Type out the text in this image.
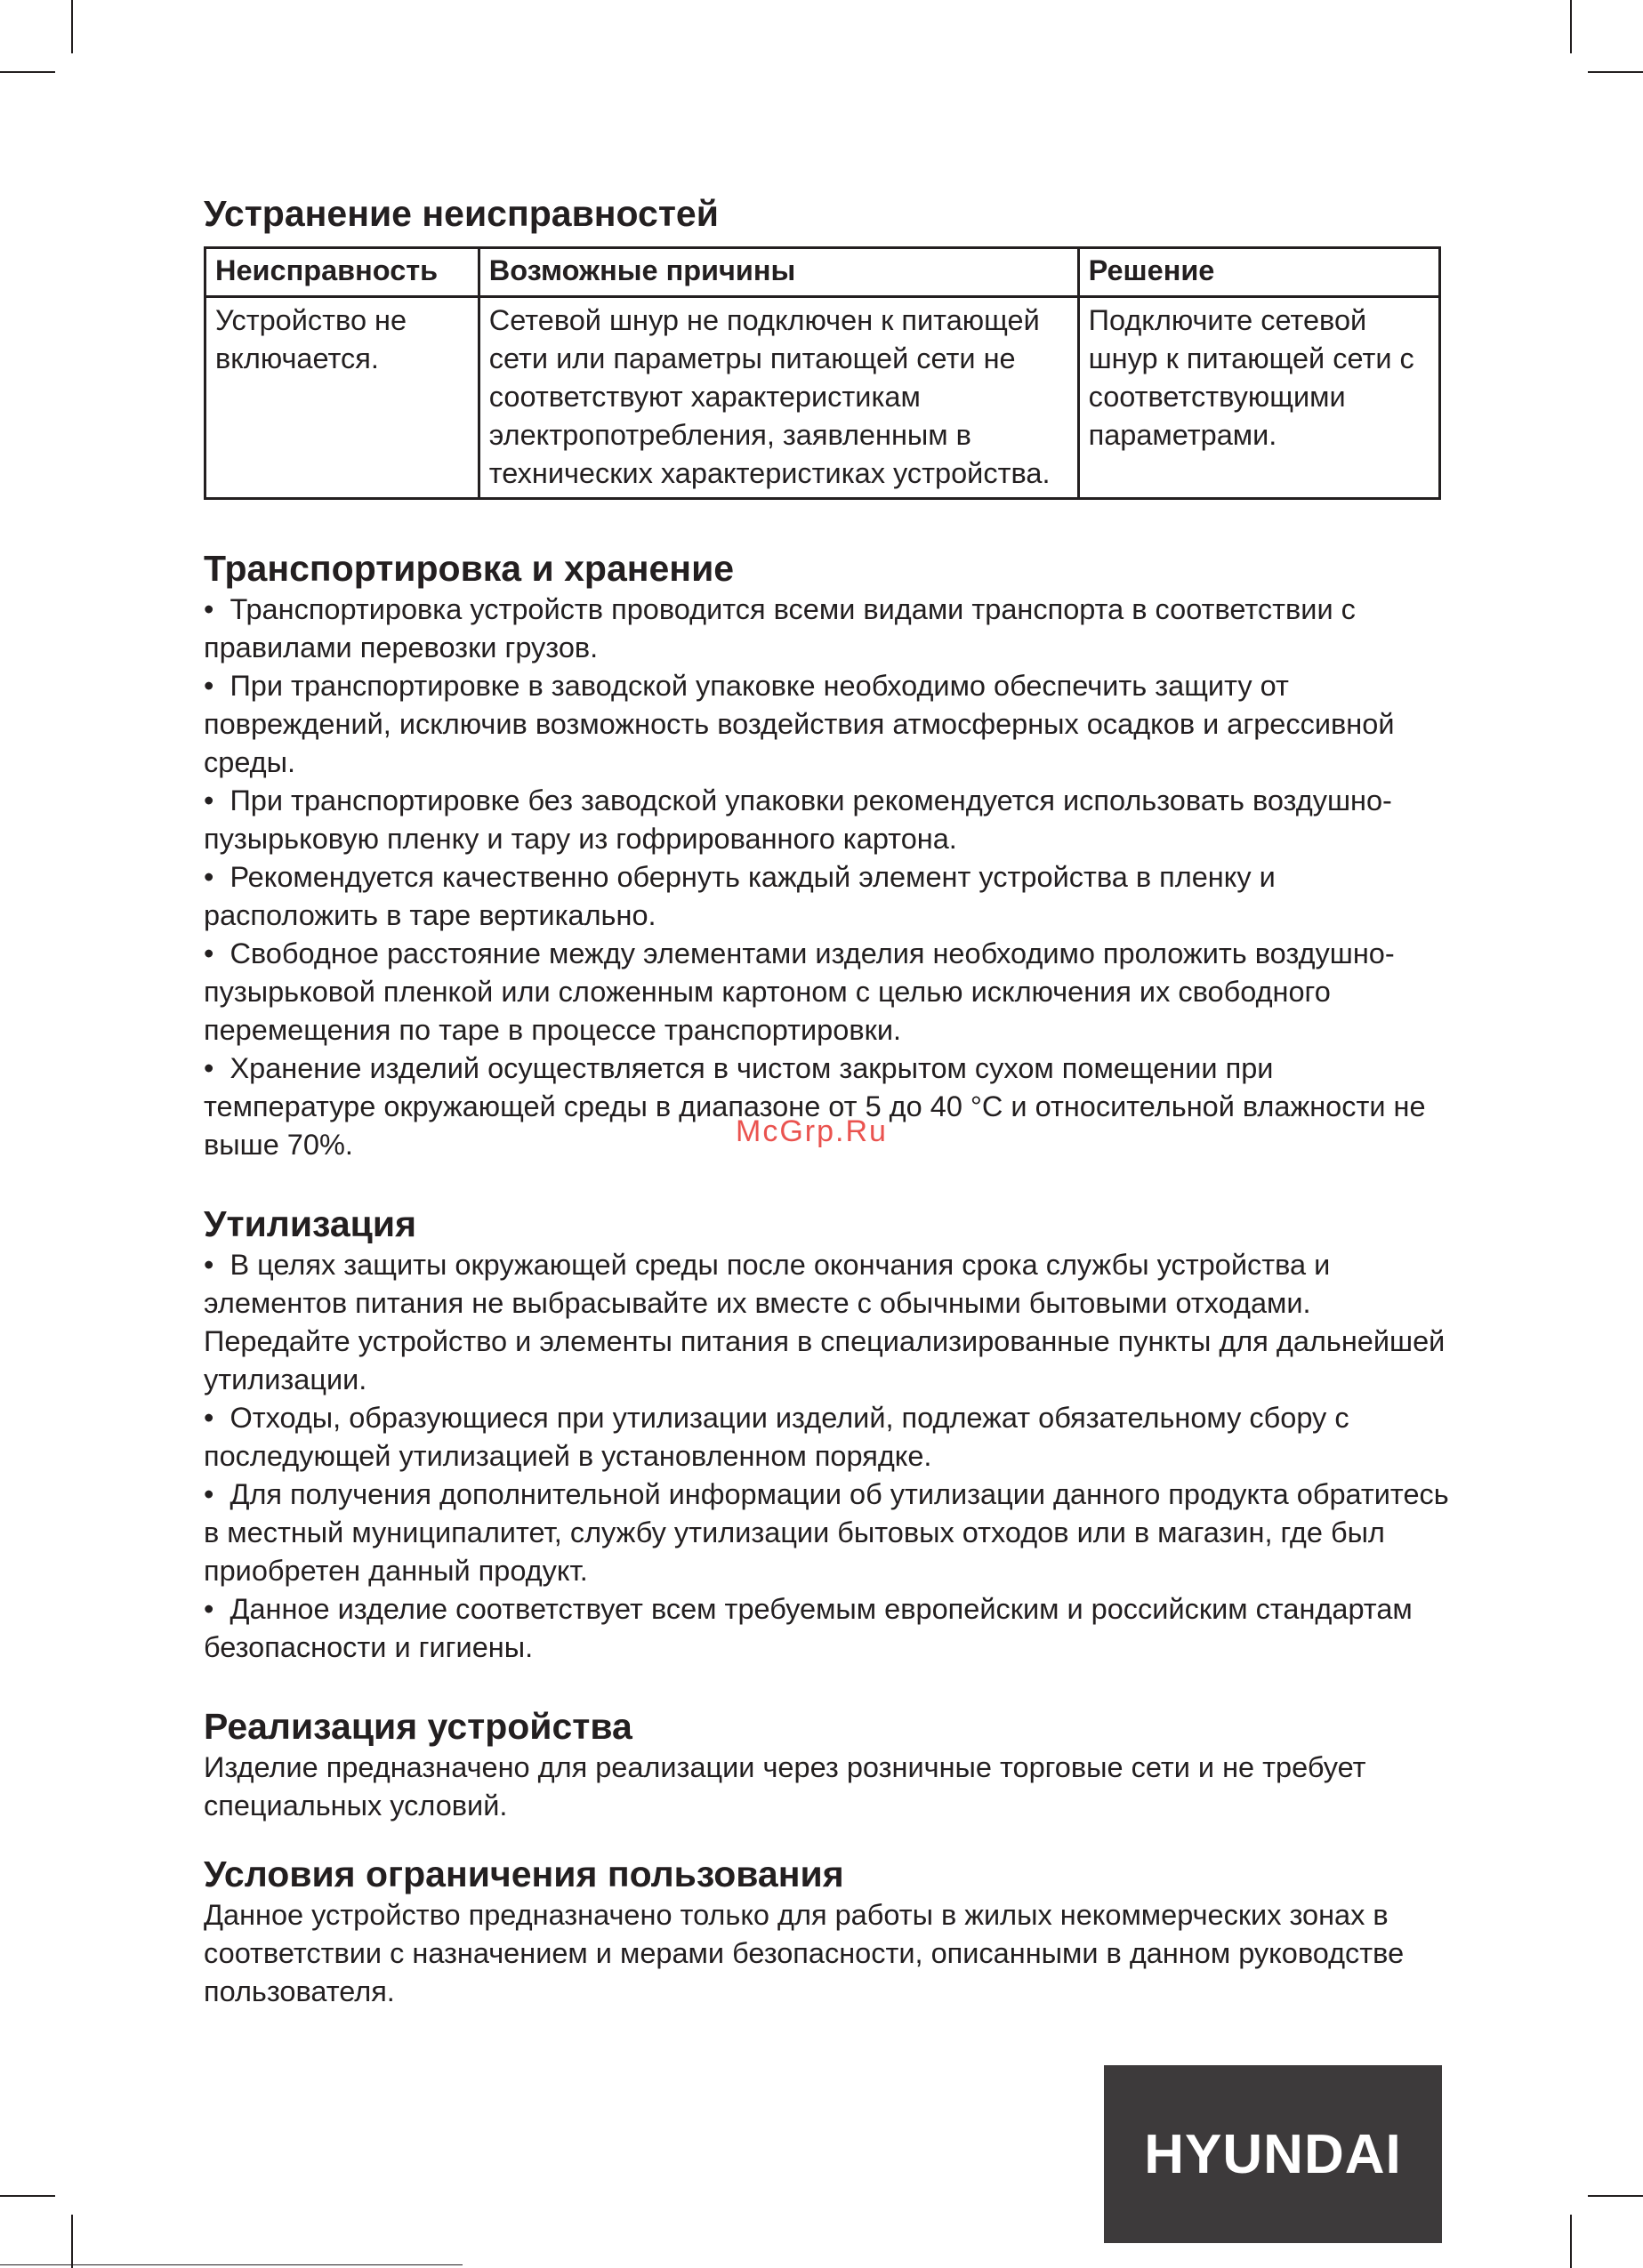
Устранение неисправностей
Неисправность	Возможные причины	Решение
Устройство не включается.	Сетевой шнур не подключен к питающей сети или параметры питающей сети не соответствуют характеристикам электропотребления, заявленным в технических характеристиках устройства.	Подключите сетевой шнур к питающей сети с соответствующими параметрами.
Транспортировка и хранение

•  Транспортировка устройств проводится всеми видами транспорта в соответствии с правилами перевозки грузов.

•  При транспортировке в заводской упаковке необходимо обеспечить защиту от повреждений, исключив возможность воздействия атмосферных осадков и агрессивной среды.

•  При транспортировке без заводской упаковки рекомендуется использовать воздушно-пузырьковую пленку и тару из гофрированного картона.

•  Рекомендуется качественно обернуть каждый элемент устройства в пленку и расположить в таре вертикально.

•  Свободное расстояние между элементами изделия необходимо проложить воздушно-пузырьковой пленкой или сложенным картоном с целью исключения их свободного перемещения по таре в процессе транспортировки.

•  Хранение изделий осуществляется в чистом закрытом сухом помещении при температуре окружающей среды в диапазоне от 5 до 40 °C и относительной влажности не выше 70%.

Утилизация

•  В целях защиты окружающей среды после окончания срока службы устройства и элементов питания не выбрасывайте их вместе с обычными бытовыми отходами. Передайте устройство и элементы питания в специализированные пункты для дальнейшей утилизации.

•  Отходы, образующиеся при утилизации изделий, подлежат обязательному сбору с последующей утилизацией в установленном порядке.

•  Для получения дополнительной информации об утилизации данного продукта обратитесь в местный муниципалитет, службу утилизации бытовых отходов или в магазин, где был приобретен данный продукт.

•  Данное изделие соответствует всем требуемым европейским и российским стандартам безопасности и гигиены.

Реализация устройства

Изделие предназначено для реализации через розничные торговые сети и не требует специальных условий.

Условия ограничения пользования

Данное устройство предназначено только для работы в жилых некоммерческих зонах в соответствии с назначением и мерами безопасности, описанными в данном руководстве пользователя.

McGrp.Ru
HYUNDAI
